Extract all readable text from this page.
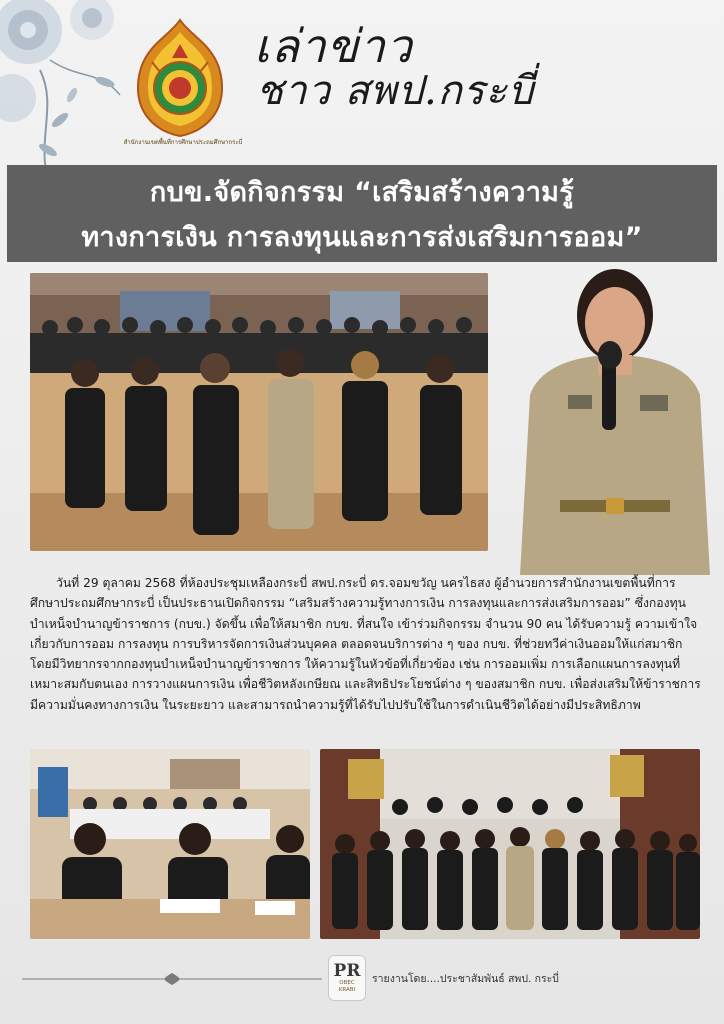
สำนักงานเขตพื้นที่การศึกษาประถมศึกษากระบี่
เล่าข่าว
ชาว สพป.กระบี่
กบข.จัดกิจกรรม “เสริมสร้างความรู้
ทางการเงิน การลงทุนและการส่งเสริมการออม”

วันที่ 29 ตุลาคม 2568 ที่ห้องประชุมเหลืองกระบี่ สพป.กระบี่ ดร.จอมขวัญ นครไธสง ผู้อำนวยการสำนักงานเขตพื้นที่การศึกษาประถมศึกษากระบี่ เป็นประธานเปิดกิจกรรม “เสริมสร้างความรู้ทางการเงิน การลงทุนและการส่งเสริมการออม” ซึ่งกองทุนบำเหน็จบำนาญข้าราชการ (กบข.) จัดขึ้น เพื่อให้สมาชิก กบข. ที่สนใจ เข้าร่วมกิจกรรม จำนวน 90 คน ได้รับความรู้ ความเข้าใจเกี่ยวกับการออม การลงทุน การบริหารจัดการเงินส่วนบุคคล ตลอดจนบริการต่าง ๆ ของ กบข. ที่ช่วยทวีค่าเงินออมให้แก่สมาชิก โดยมีวิทยากรจากกองทุนบำเหน็จบำนาญข้าราชการ ให้ความรู้ในหัวข้อที่เกี่ยวข้อง เช่น การออมเพิ่ม การเลือกแผนการลงทุนที่เหมาะสมกับตนเอง การวางแผนการเงิน เพื่อชีวิตหลังเกษียณ และสิทธิประโยชน์ต่าง ๆ ของสมาชิก กบข. เพื่อส่งเสริมให้ข้าราชการมีความมั่นคงทางการเงิน ในระยะยาว และสามารถนำความรู้ที่ได้รับไปปรับใช้ในการดำเนินชีวิตได้อย่างมีประสิทธิภาพ

PR
OBEC
KRABI
รายงานโดย....ประชาสัมพันธ์ สพป. กระบี่
